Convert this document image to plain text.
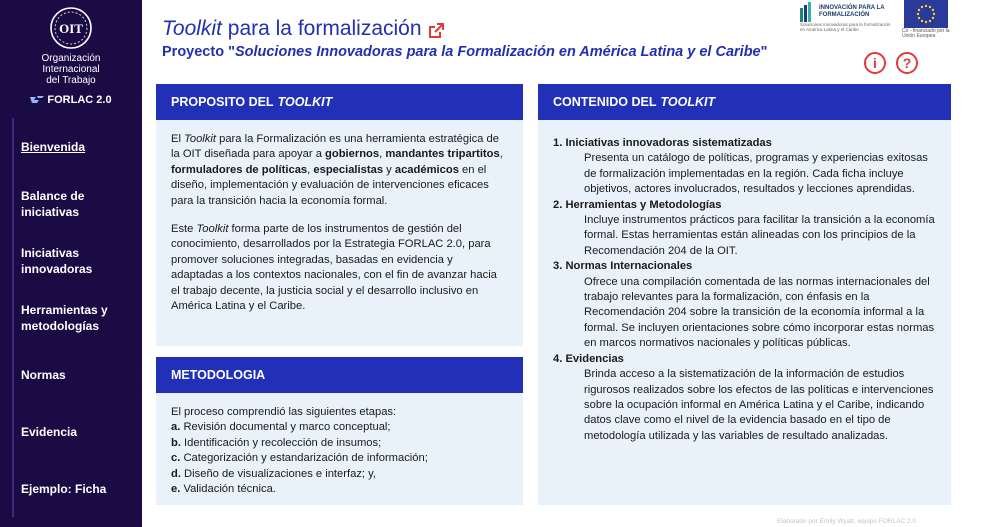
OIT
Organización
Internacional
del Trabajo
FORLAC 2.0
Bienvenida
Balance de iniciativas
Iniciativas innovadoras
Herramientas y metodologías
Normas
Evidencia
Ejemplo: Ficha
Toolkit para la formalización
Proyecto "Soluciones Innovadoras para la Formalización en América Latina y el Caribe"
INNOVACIÓN PARA LA
FORMALIZACIÓN
Soluciones innovadoras para la formalización en América Latina y el Caribe	Co - financiado por la
Unión Europea
i ?
PROPOSITO DEL TOOLKIT

El Toolkit para la Formalización es una herramienta estratégica de la OIT diseñada para apoyar a gobiernos, mandantes tripartitos, formuladores de políticas, especialistas y académicos en el diseño, implementación y evaluación de intervenciones eficaces para la transición hacia la economía formal.

Este Toolkit forma parte de los instrumentos de gestión del conocimiento, desarrollados por la Estrategia FORLAC 2.0, para promover soluciones integradas, basadas en evidencia y adaptadas a los contextos nacionales, con el fin de avanzar hacia el trabajo decente, la justicia social y el desarrollo inclusivo en América Latina y el Caribe.

METODOLOGIA
El proceso comprendió las siguientes etapas:
a. Revisión documental y marco conceptual;
b. Identificación y recolección de insumos;
c. Categorización y estandarización de información;
d. Diseño de visualizaciones e interfaz; y,
e. Validación técnica.
CONTENIDO DEL TOOLKIT
1. Iniciativas innovadoras sistematizadas
Presenta un catálogo de políticas, programas y experiencias exitosas de formalización implementadas en la región. Cada ficha incluye objetivos, actores involucrados, resultados y lecciones aprendidas.
2. Herramientas y Metodologías
Incluye instrumentos prácticos para facilitar la transición a la economía formal. Estas herramientas están alineadas con los principios de la Recomendación 204 de la OIT.
3. Normas Internacionales
Ofrece una compilación comentada de las normas internacionales del trabajo relevantes para la formalización, con énfasis en la Recomendación 204 sobre la transición de la economía informal a la formal. Se incluyen orientaciones sobre cómo incorporar estas normas en marcos normativos nacionales y políticas públicas.
4. Evidencias
Brinda acceso a la sistematización de la información de estudios rigurosos realizados sobre los efectos de las políticas e intervenciones sobre la ocupación informal en América Latina y el Caribe, indicando datos clave como el nivel de la evidencia basado en el tipo de metodología utilizada y las variables de resultado analizadas.
Elaborado por Emily Wyatt, equipo FORLAC 2.0
